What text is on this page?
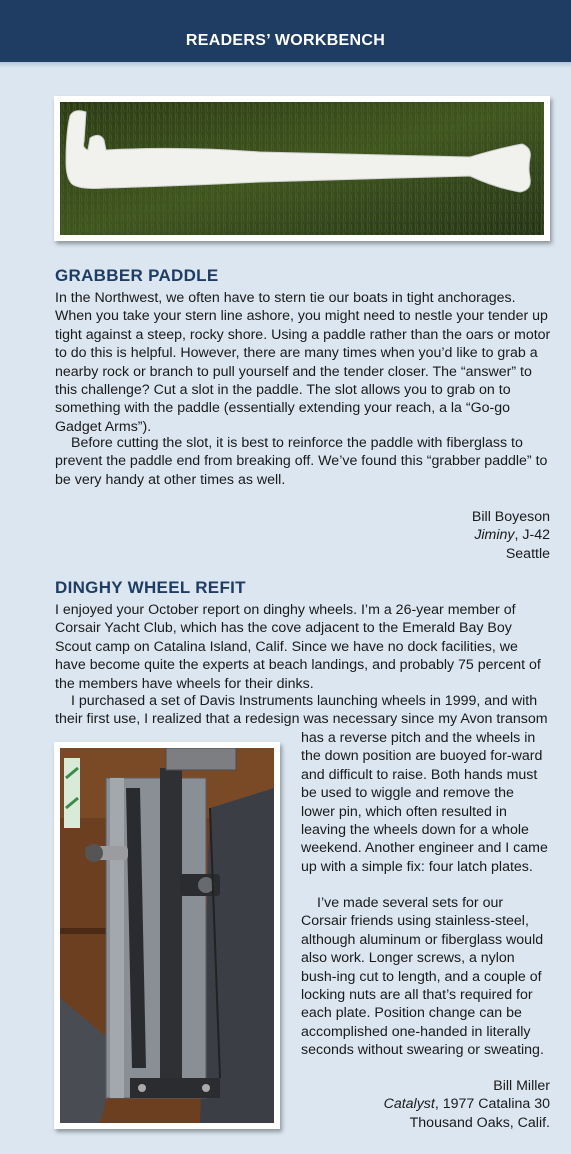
READERS’ WORKBENCH
GRABBER PADDLE

In the Northwest, we often have to stern tie our boats in tight anchorages. When you take your stern line ashore, you might need to nestle your tender up tight against a steep, rocky shore. Using a paddle rather than the oars or motor to do this is helpful. However, there are many times when you’d like to grab a nearby rock or branch to pull yourself and the tender closer. The “answer” to this challenge? Cut a slot in the paddle. The slot allows you to grab on to something with the paddle (essentially extending your reach, a la “Go-go Gadget Arms”).

Before cutting the slot, it is best to reinforce the paddle with fiberglass to prevent the paddle end from breaking off. We’ve found this “grabber paddle” to be very handy at other times as well.

Bill Boyeson
Jiminy, J-42
Seattle
DINGHY WHEEL REFIT

I enjoyed your October report on dinghy wheels. I’m a 26-year member of Corsair Yacht Club, which has the cove adjacent to the Emerald Bay Boy Scout camp on Catalina Island, Calif. Since we have no dock facilities, we have become quite the experts at beach landings, and probably 75 percent of the members have wheels for their dinks.

I purchased a set of Davis Instruments launching wheels in 1999, and with their first use, I realized that a redesign was necessary since my Avon transom

has a reverse pitch and the wheels in the down position are buoyed for-ward and difficult to raise. Both hands must be used to wiggle and remove the lower pin, which often resulted in leaving the wheels down for a whole weekend. Another engineer and I came up with a simple fix: four latch plates.

I’ve made several sets for our Corsair friends using stainless-steel, although aluminum or fiberglass would also work. Longer screws, a nylon bush-ing cut to length, and a couple of locking nuts are all that’s required for each plate. Position change can be accomplished one-handed in literally seconds without swearing or sweating.

Bill Miller
Catalyst, 1977 Catalina 30
Thousand Oaks, Calif.
